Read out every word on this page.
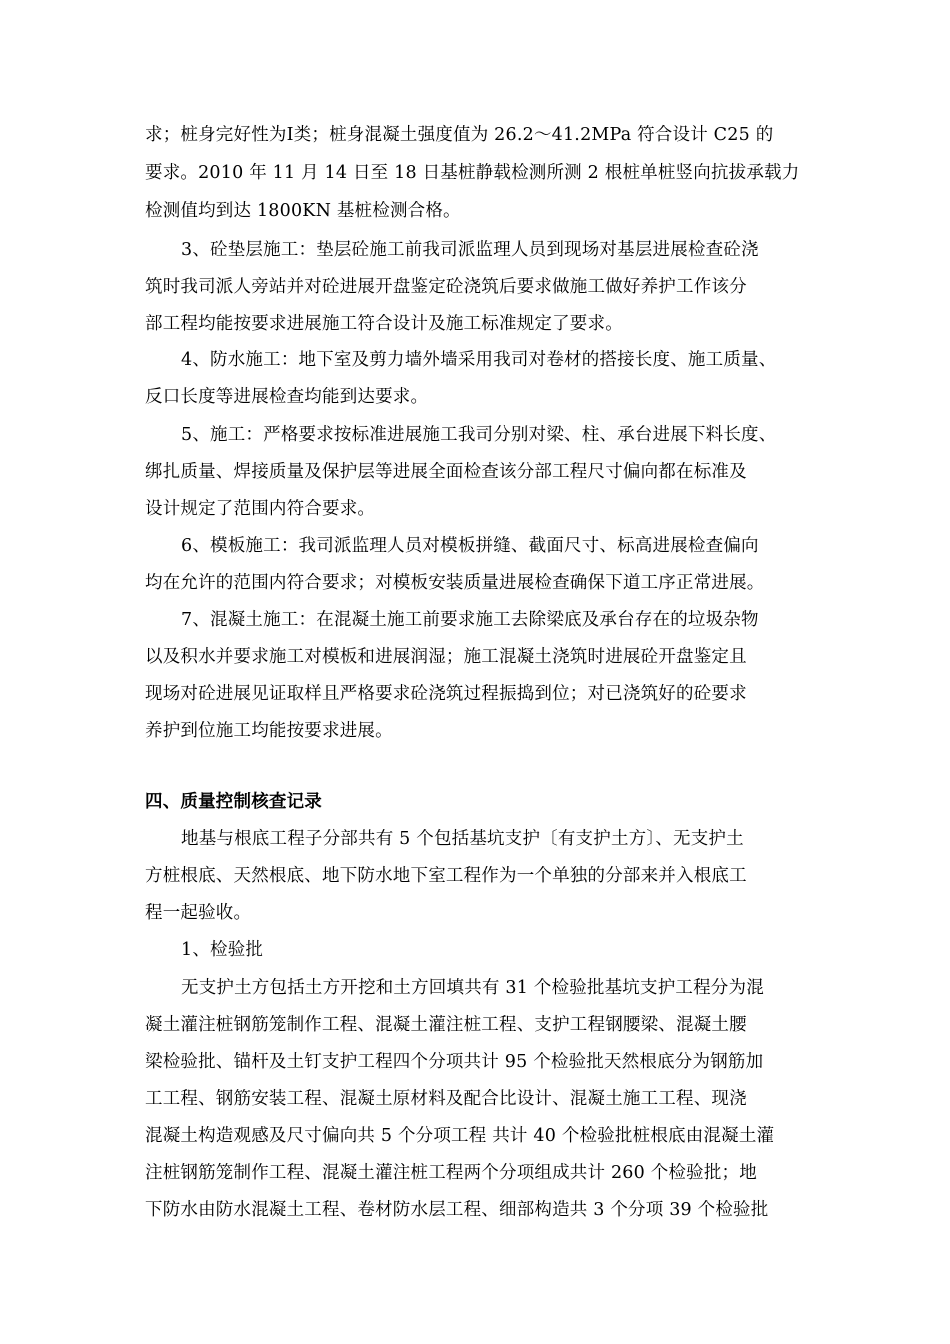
求；桩身完好性为Ⅰ类；桩身混凝土强度值为 26.2～41.2MPa 符合设计 C25 的
要求。2010 年 11 月 14 日至 18 日基桩静载检测所测 2 根桩单桩竖向抗拔承载力
检测值均到达 1800KN 基桩检测合格。
3、砼垫层施工：垫层砼施工前我司派监理人员到现场对基层进展检查砼浇
筑时我司派人旁站并对砼进展开盘鉴定砼浇筑后要求做施工做好养护工作该分
部工程均能按要求进展施工符合设计及施工标准规定了要求。
4、防水施工：地下室及剪力墙外墙采用我司对卷材的搭接长度、施工质量、
反口长度等进展检查均能到达要求。
5、施工：严格要求按标准进展施工我司分别对梁、柱、承台进展下料长度、
绑扎质量、焊接质量及保护层等进展全面检查该分部工程尺寸偏向都在标准及
设计规定了范围内符合要求。
6、模板施工：我司派监理人员对模板拼缝、截面尺寸、标高进展检查偏向
均在允许的范围内符合要求；对模板安装质量进展检查确保下道工序正常进展。
7、混凝土施工：在混凝土施工前要求施工去除梁底及承台存在的垃圾杂物
以及积水并要求施工对模板和进展润湿；施工混凝土浇筑时进展砼开盘鉴定且
现场对砼进展见证取样且严格要求砼浇筑过程振捣到位；对已浇筑好的砼要求
养护到位施工均能按要求进展。
四、质量控制核查记录
地基与根底工程子分部共有 5 个包括基坑支护〔有支护土方〕、无支护土
方桩根底、天然根底、地下防水地下室工程作为一个单独的分部来并入根底工
程一起验收。
1、检验批
无支护土方包括土方开挖和土方回填共有 31 个检验批基坑支护工程分为混
凝土灌注桩钢筋笼制作工程、混凝土灌注桩工程、支护工程钢腰梁、混凝土腰
梁检验批、锚杆及土钉支护工程四个分项共计 95 个检验批天然根底分为钢筋加
工工程、钢筋安装工程、混凝土原材料及配合比设计、混凝土施工工程、现浇
混凝土构造观感及尺寸偏向共 5 个分项工程 共计 40 个检验批桩根底由混凝土灌
注桩钢筋笼制作工程、混凝土灌注桩工程两个分项组成共计 260 个检验批；地
下防水由防水混凝土工程、卷材防水层工程、细部构造共 3 个分项 39 个检验批
